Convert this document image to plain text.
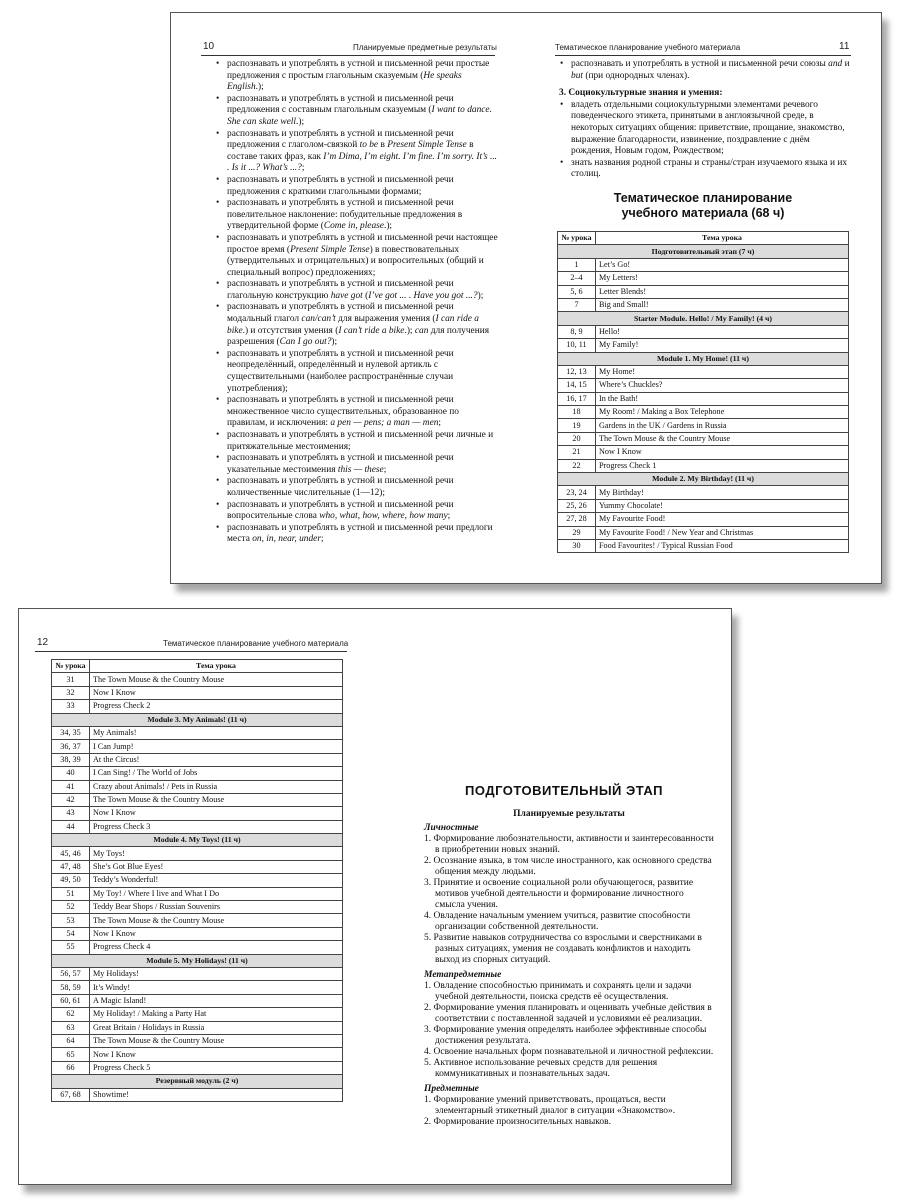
10	Планируемые предметные результаты
• распознавать и употреблять в устной и письменной речи простые предложения с простым глагольным сказуемым (He speaks English.);
• распознавать и употреблять в устной и письменной речи предложения с составным глагольным сказуемым (I want to dance. She can skate well.);
• распознавать и употреблять в устной и письменной речи предложения с глаголом-связкой to be в Present Simple Tense в составе таких фраз, как I’m Dima, I’m eight. I’m fine. I’m sorry. It’s ... . Is it ...? What’s ...?;
• распознавать и употреблять в устной и письменной речи предложения с краткими глагольными формами;
• распознавать и употреблять в устной и письменной речи повелительное наклонение: побудительные предложения в утвердительной форме (Come in, please.);
• распознавать и употреблять в устной и письменной речи настоящее простое время (Present Simple Tense) в повествовательных (утвердительных и отрицательных) и вопросительных (общий и специальный вопрос) предложениях;
• распознавать и употреблять в устной и письменной речи глагольную конструкцию have got (I’ve got ... . Have you got ...?);
• распознавать и употреблять в устной и письменной речи модальный глагол can/can’t для выражения умения (I can ride a bike.) и отсутствия умения (I can’t ride a bike.); can для получения разрешения (Can I go out?);
• распознавать и употреблять в устной и письменной речи неопределённый, определённый и нулевой артикль с существительными (наиболее распространённые случаи употребления);
• распознавать и употреблять в устной и письменной речи множественное число существительных, образованное по правилам, и исключения: a pen — pens; a man — men;
• распознавать и употреблять в устной и письменной речи личные и притяжательные местоимения;
• распознавать и употреблять в устной и письменной речи указательные местоимения this — these;
• распознавать и употреблять в устной и письменной речи количественные числительные (1—12);
• распознавать и употреблять в устной и письменной речи вопросительные слова who, what, how, where, how many;
• распознавать и употреблять в устной и письменной речи предлоги места on, in, near, under;
Тематическое планирование учебного материала	11
• распознавать и употреблять в устной и письменной речи союзы and и but (при однородных членах).
3. Социокультурные знания и умения:
• владеть отдельными социокультурными элементами речевого поведенческого этикета, принятыми в англоязычной среде, в некоторых ситуациях общения: приветствие, прощание, знакомство, выражение благодарности, извинение, поздравление с днём рождения, Новым годом, Рождеством;
• знать названия родной страны и страны/стран изучаемого языка и их столиц.
Тематическое планирование
учебного материала (68 ч)
№ урока	Тема урока
Подготовительный этап (7 ч)	
1	Let’s Go!
2–4	My Letters!
5, 6	Letter Blends!
7	Big and Small!
Starter Module. Hello! / My Family! (4 ч)	
8, 9	Hello!
10, 11	My Family!
Module 1. My Home! (11 ч)	
12, 13	My Home!
14, 15	Where’s Chuckles?
16, 17	In the Bath!
18	My Room! / Making a Box Telephone
19	Gardens in the UK / Gardens in Russia
20	The Town Mouse & the Country Mouse
21	Now I Know
22	Progress Check 1
Module 2. My Birthday! (11 ч)	
23, 24	My Birthday!
25, 26	Yummy Chocolate!
27, 28	My Favourite Food!
29	My Favourite Food! / New Year and Christmas
30	Food Favourites! / Typical Russian Food
12	Тематическое планирование учебного материала
№ урока	Тема урока
31	The Town Mouse & the Country Mouse
32	Now I Know
33	Progress Check 2
Module 3. My Animals! (11 ч)	
34, 35	My Animals!
36, 37	I Can Jump!
38, 39	At the Circus!
40	I Can Sing! / The World of Jobs
41	Crazy about Animals! / Pets in Russia
42	The Town Mouse & the Country Mouse
43	Now I Know
44	Progress Check 3
Module 4. My Toys! (11 ч)	
45, 46	My Toys!
47, 48	She’s Got Blue Eyes!
49, 50	Teddy’s Wonderful!
51	My Toy! / Where I live and What I Do
52	Teddy Bear Shops / Russian Souvenirs
53	The Town Mouse & the Country Mouse
54	Now I Know
55	Progress Check 4
Module 5. My Holidays! (11 ч)	
56, 57	My Holidays!
58, 59	It’s Windy!
60, 61	A Magic Island!
62	My Holiday! / Making a Party Hat
63	Great Britain / Holidays in Russia
64	The Town Mouse & the Country Mouse
65	Now I Know
66	Progress Check 5
Резервный модуль (2 ч)	
67, 68	Showtime!
ПОДГОТОВИТЕЛЬНЫЙ ЭТАП
Планируемые результаты
Личностные
1. Формирование любознательности, активности и заинтересованности в приобретении новых знаний.
2. Осознание языка, в том числе иностранного, как основного средства общения между людьми.
3. Принятие и освоение социальной роли обучающегося, развитие мотивов учебной деятельности и формирование личностного смысла учения.
4. Овладение начальным умением учиться, развитие способности организации собственной деятельности.
5. Развитие навыков сотрудничества со взрослыми и сверстниками в разных ситуациях, умения не создавать конфликтов и находить выход из спорных ситуаций.
Метапредметные
1. Овладение способностью принимать и сохранять цели и задачи учебной деятельности, поиска средств её осуществления.
2. Формирование умения планировать и оценивать учебные действия в соответствии с поставленной задачей и условиями её реализации.
3. Формирование умения определять наиболее эффективные способы достижения результата.
4. Освоение начальных форм познавательной и личностной рефлексии.
5. Активное использование речевых средств для решения коммуникативных и познавательных задач.
Предметные
1. Формирование умений приветствовать, прощаться, вести элементарный этикетный диалог в ситуации «Знакомство».
2. Формирование произносительных навыков.
